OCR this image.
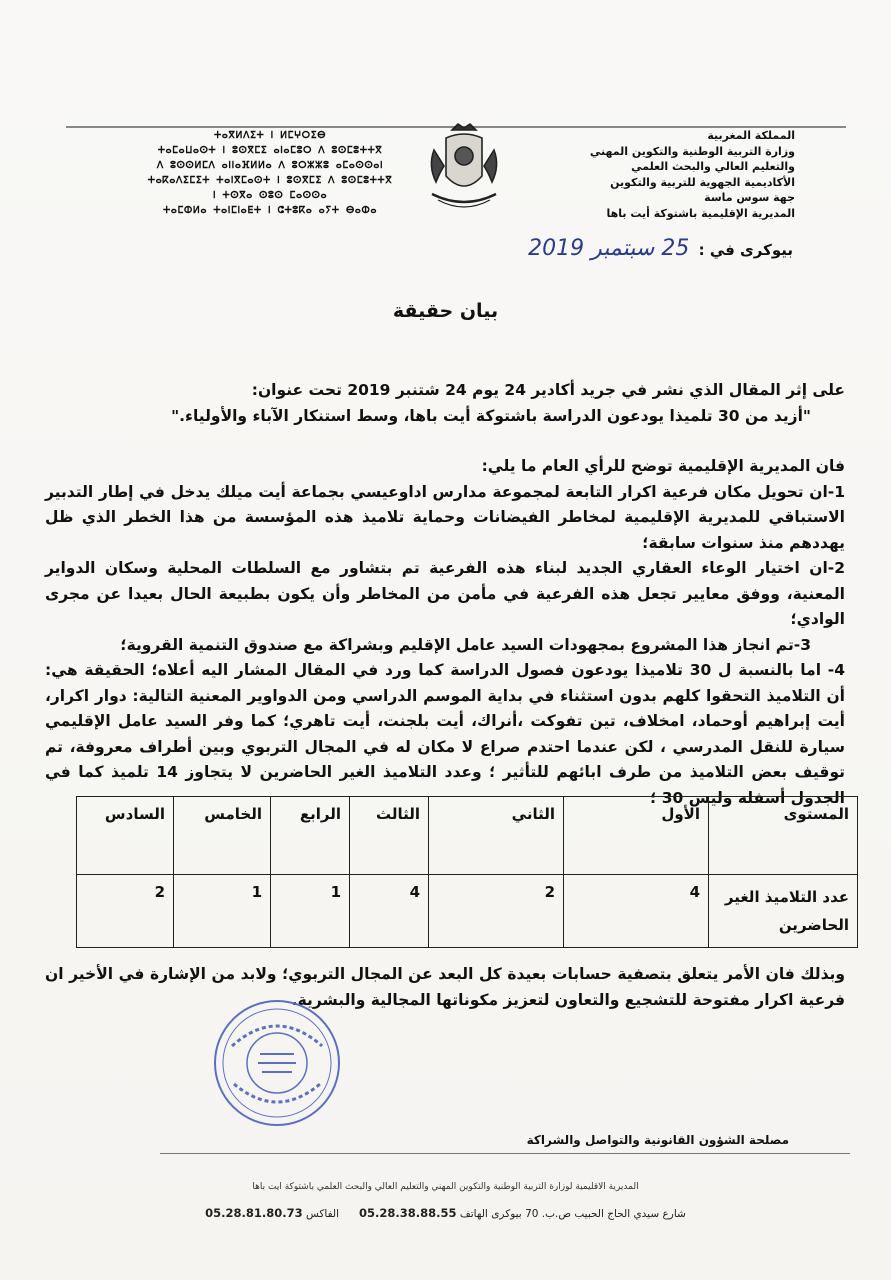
المملكة المغربية
وزارة التربية الوطنية والتكوين المهني
والتعليم العالي والبحث العلمي
الأكاديمية الجهوية للتربية والتكوين
جهة سوس ماسة
المديرية الإقليمية باشتوكة أيت باها
ⵜⴰⴳⵍⴷⵉⵜ ⵏ ⵍⵎⵖⵔⵉⴱ
ⵜⴰⵎⴰⵡⴰⵙⵜ ⵏ ⵓⵙⴳⵎⵉ ⴰⵏⴰⵎⵓⵔ ⴷ ⵓⵙⵎⵓⵜⵜⴳ
ⴷ ⵓⵙⵙⵍⵎⴷ ⴰⵏⵏⴰⴼⵍⵍⴰ ⴷ ⵓⵔⵣⵣⵓ ⴰⵎⴰⵙⵙⴰⵏ
ⵜⴰⴽⴰⴷⵉⵎⵉⵜ ⵜⴰⵏⴳⵎⴰⵙⵜ ⵏ ⵓⵙⴳⵎⵉ ⴷ ⵓⵙⵎⵓⵜⵜⴳ
ⵏ ⵜⵙⴳⴰ ⵙⵓⵙ ⵎⴰⵙⵙⴰ
ⵜⴰⵎⵀⵍⴰ ⵜⴰⵏⵎⵏⴰⴹⵜ ⵏ ⵛⵜⵓⴽⴰ ⴰⵢⵜ ⴱⴰⵀⴰ
بيوكرى في : 25 سبتمبر 2019
بيان حقيقة

على إثر المقال الذي نشر في جريد أكادير 24 يوم 24 شتنبر 2019 تحت عنوان:

"أزيد من 30 تلميذا يودعون الدراسة باشتوكة أيت باها، وسط استنكار الآباء والأولياء."

فان المديرية الإقليمية توضح للرأي العام ما يلي:

1-ان تحويل مكان فرعية اكرار التابعة لمجموعة مدارس اداوعيسي بجماعة أيت ميلك يدخل في إطار التدبير الاستباقي للمديرية الإقليمية لمخاطر الفيضانات وحماية تلاميذ هذه المؤسسة من هذا الخطر الذي ظل يهددهم منذ سنوات سابقة؛

2-ان اختيار الوعاء العقاري الجديد لبناء هذه الفرعية تم بتشاور مع السلطات المحلية وسكان الدواير المعنية، ووفق معايير تجعل هذه الفرعية في مأمن من المخاطر وأن يكون بطبيعة الحال بعيدا عن مجرى الوادي؛

3-تم انجاز هذا المشروع بمجهودات السيد عامل الإقليم وبشراكة مع صندوق التنمية القروية؛

4- اما بالنسبة ل 30 تلاميذا يودعون فصول الدراسة كما ورد في المقال المشار اليه أعلاه؛ الحقيقة هي: أن التلاميذ التحقوا كلهم بدون استثناء في بداية الموسم الدراسي ومن الدواوير المعنية التالية: دوار اكرار، أيت إبراهيم أوحماد، امخلاف، تين تفوكت ،أنراك، أيت بلجنت، أيت تاهري؛ كما وفر السيد عامل الإقليمي سيارة للنقل المدرسي ، لكن عندما احتدم صراع لا مكان له في المجال التربوي وبين أطراف معروفة، تم توقيف بعض التلاميذ من طرف ابائهم للتأثير ؛ وعدد التلاميذ الغير الحاضرين لا يتجاوز 14 تلميذ كما في الجدول أسفله وليس 30 ؛

المستوى	الأول	الثاني	الثالث	الرابع	الخامس	السادس
عدد التلاميذ الغير الحاضرين	4	2	4	1	1	2

وبذلك فان الأمر يتعلق بتصفية حسابات بعيدة كل البعد عن المجال التربوي؛ ولابد من الإشارة في الأخير ان فرعية اكرار مفتوحة للتشجيع والتعاون لتعزيز مكوناتها المجالية والبشرية.

مصلحة الشؤون القانونية والتواصل والشراكة
المديرية الاقليمية لوزارة التربية الوطنية والتكوين المهني والتعليم العالي والبحث العلمي باشتوكة ايت باها
شارع سيدي الحاج الحبيب ص.ب. 70 بيوكرى الهاتف 05.28.38.88.55      الفاكس 05.28.81.80.73
